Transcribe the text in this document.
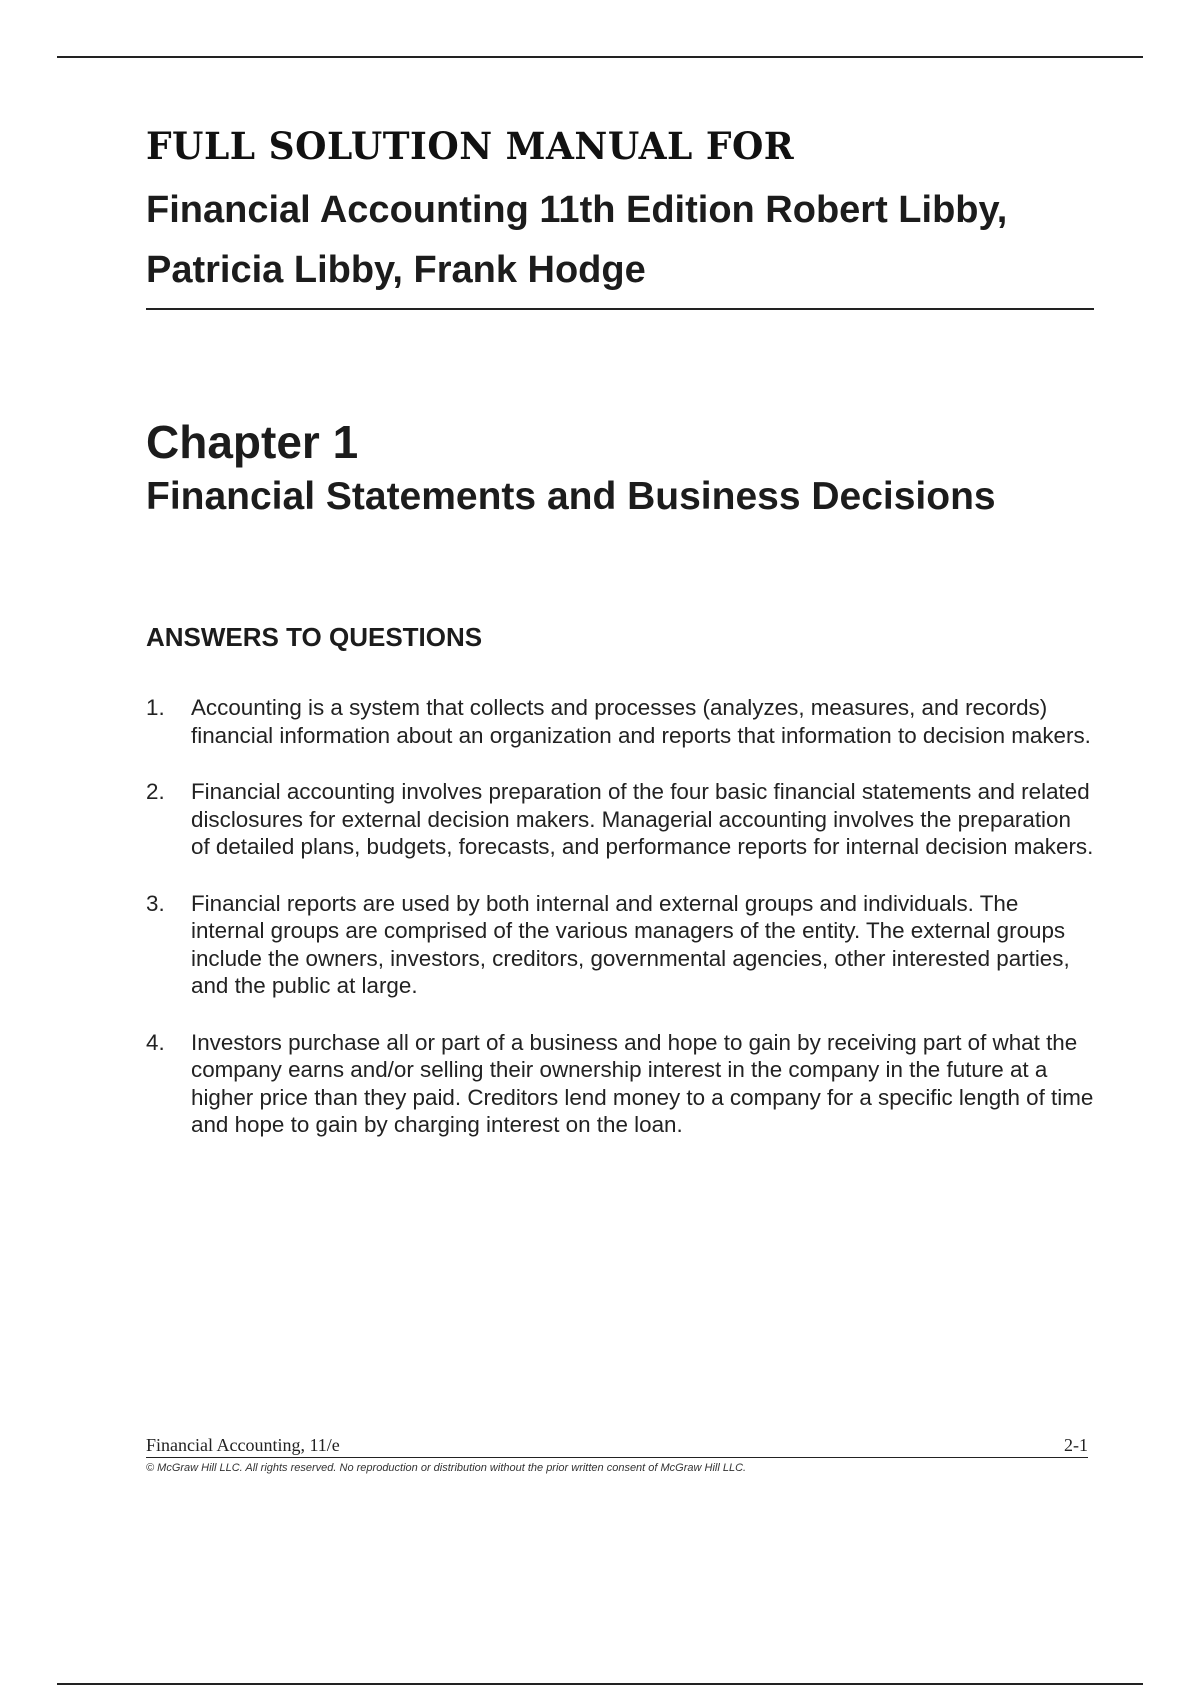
FULL SOLUTION MANUAL FOR
Financial Accounting 11th Edition Robert Libby, Patricia Libby, Frank Hodge
Chapter 1
Financial Statements and Business Decisions
ANSWERS TO QUESTIONS
1. Accounting is a system that collects and processes (analyzes, measures, and records) financial information about an organization and reports that information to decision makers.
2. Financial accounting involves preparation of the four basic financial statements and related disclosures for external decision makers. Managerial accounting involves the preparation of detailed plans, budgets, forecasts, and performance reports for internal decision makers.
3. Financial reports are used by both internal and external groups and individuals. The internal groups are comprised of the various managers of the entity. The external groups include the owners, investors, creditors, governmental agencies, other interested parties, and the public at large.
4. Investors purchase all or part of a business and hope to gain by receiving part of what the company earns and/or selling their ownership interest in the company in the future at a higher price than they paid. Creditors lend money to a company for a specific length of time and hope to gain by charging interest on the loan.
Financial Accounting, 11/e	2-1
© McGraw Hill LLC. All rights reserved. No reproduction or distribution without the prior written consent of McGraw Hill LLC.
